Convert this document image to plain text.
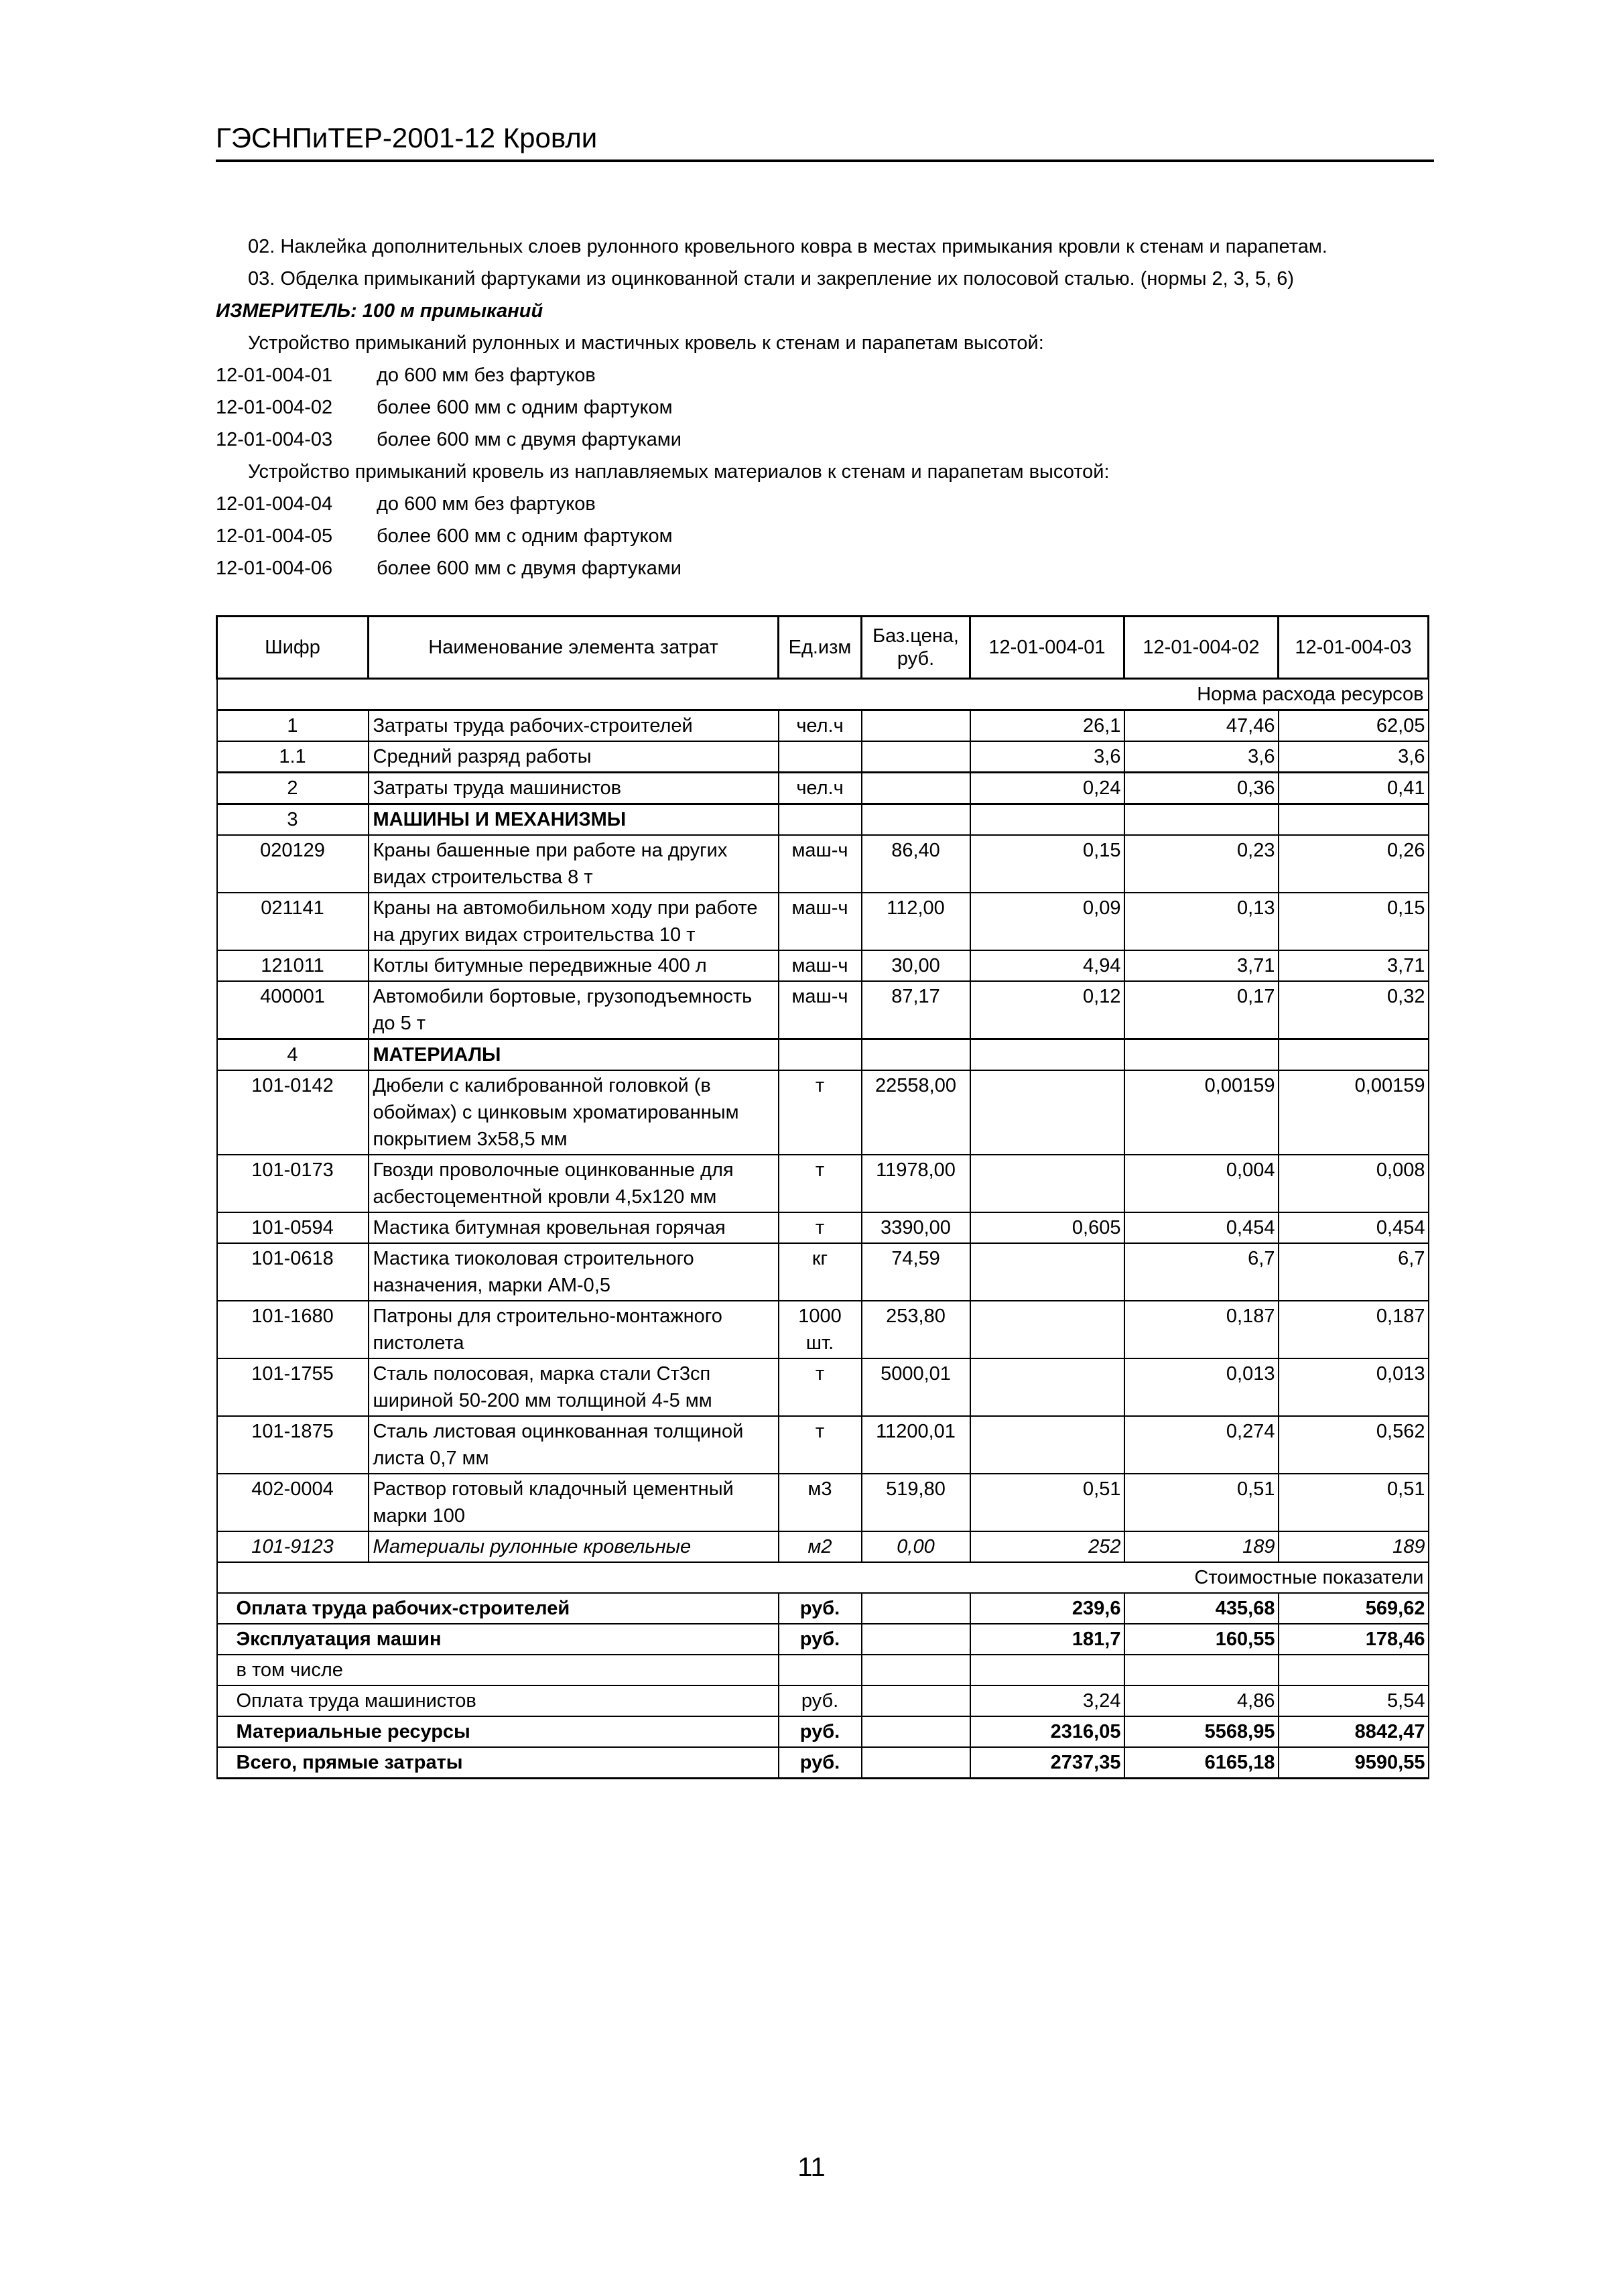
ГЭСНПиТЕР-2001-12 Кровли
02. Наклейка дополнительных слоев рулонного кровельного ковра в местах примыкания кровли к стенам и парапетам.
03. Обделка примыканий фартуками из оцинкованной стали и закрепление их полосовой сталью. (нормы 2, 3, 5, 6)
ИЗМЕРИТЕЛЬ: 100 м примыканий
Устройство примыканий рулонных и мастичных кровель к стенам и парапетам высотой:
12-01-004-01 до 600 мм без фартуков
12-01-004-02 более 600 мм с одним фартуком
12-01-004-03 более 600 мм с двумя фартуками
Устройство примыканий кровель из наплавляемых материалов к стенам и парапетам высотой:
12-01-004-04 до 600 мм без фартуков
12-01-004-05 более 600 мм с одним фартуком
12-01-004-06 более 600 мм с двумя фартуками
Шифр	Наименование элемента затрат	Ед.изм	Баз.цена, руб.	12-01-004-01	12-01-004-02	12-01-004-03
Норма расхода ресурсов						
1	Затраты труда рабочих-строителей	чел.ч		26,1	47,46	62,05
1.1	Средний разряд работы			3,6	3,6	3,6
2	Затраты труда машинистов	чел.ч		0,24	0,36	0,41
3	МАШИНЫ И МЕХАНИЗМЫ					
020129	Краны башенные при работе на других видах строительства 8 т	маш-ч	86,40	0,15	0,23	0,26
021141	Краны на автомобильном ходу при работе на других видах строительства 10 т	маш-ч	112,00	0,09	0,13	0,15
121011	Котлы битумные передвижные 400 л	маш-ч	30,00	4,94	3,71	3,71
400001	Автомобили бортовые, грузоподъемность до 5 т	маш-ч	87,17	0,12	0,17	0,32
4	МАТЕРИАЛЫ					
101-0142	Дюбели с калиброванной головкой (в обоймах) с цинковым хроматированным покрытием 3х58,5 мм	т	22558,00		0,00159	0,00159
101-0173	Гвозди проволочные оцинкованные для асбестоцементной кровли 4,5х120 мм	т	11978,00		0,004	0,008
101-0594	Мастика битумная кровельная горячая	т	3390,00	0,605	0,454	0,454
101-0618	Мастика тиоколовая строительного назначения, марки АМ-0,5	кг	74,59		6,7	6,7
101-1680	Патроны для строительно-монтажного пистолета	1000 шт.	253,80		0,187	0,187
101-1755	Сталь полосовая, марка стали Ст3сп шириной 50-200 мм толщиной 4-5 мм	т	5000,01		0,013	0,013
101-1875	Сталь листовая оцинкованная толщиной листа 0,7 мм	т	11200,01		0,274	0,562
402-0004	Раствор готовый кладочный цементный марки 100	м3	519,80	0,51	0,51	0,51
101-9123	Материалы рулонные кровельные	м2	0,00	252	189	189
Стоимостные показатели						
Оплата труда рабочих-строителей		руб.		239,6	435,68	569,62
Эксплуатация машин		руб.		181,7	160,55	178,46
в том числе						
Оплата труда машинистов		руб.		3,24	4,86	5,54
Материальные ресурсы		руб.		2316,05	5568,95	8842,47
Всего, прямые затраты		руб.		2737,35	6165,18	9590,55
11
